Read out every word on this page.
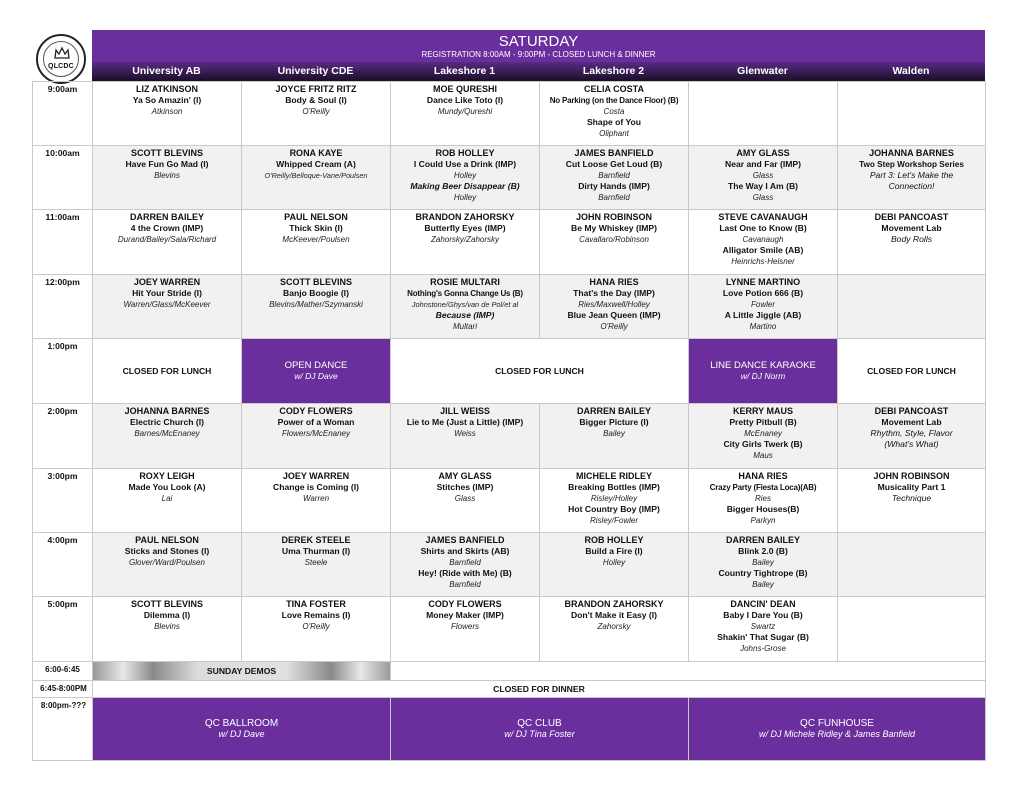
QLCDC
SATURDAY
REGISTRATION 8:00AM - 9:00PM - CLOSED LUNCH & DINNER
University AB	University CDE	Lakeshore 1	Lakeshore 2	Glenwater	Walden
9:00am	LIZ ATKINSON
Ya So Amazin' (I)
Atkinson	JOYCE FRITZ RITZ
Body & Soul (I)
O'Reilly	MOE QURESHI
Dance Like Toto (I)
Mundy/Qureshi	CELIA COSTA
No Parking (on the Dance Floor) (B)
Costa
Shape of You
Oliphant		

10:00am	SCOTT BLEVINS
Have Fun Go Mad (I)
Blevins	RONA KAYE
Whipped Cream (A)
O'Reilly/Belloque-Vane/Poulsen	ROB HOLLEY
I Could Use a Drink (IMP)
Holley
Making Beer Disappear (B)
Holley	JAMES BANFIELD
Cut Loose Get Loud (B)
Barnfield
Dirty Hands (IMP)
Barnfield	AMY GLASS
Near and Far (IMP)
Glass
The Way I Am (B)
Glass	JOHANNA BARNES
Two Step Workshop Series
Part 3: Let's Make the
Connection!

11:00am	DARREN BAILEY
4 the Crown (IMP)
Durand/Bailey/Sala/Richard	PAUL NELSON
Thick Skin (I)
McKeever/Poulsen	BRANDON ZAHORSKY
Butterfly Eyes (IMP)
Zahorsky/Zahorsky	JOHN ROBINSON
Be My Whiskey (IMP)
Cavallaro/Robinson	STEVE CAVANAUGH
Last One to Know (B)
Cavanaugh
Alligator Smile (AB)
Heinrichs-Heisner	DEBI PANCOAST
Movement Lab
Body Rolls

12:00pm	JOEY WARREN
Hit Your Stride (I)
Warren/Glass/McKeever	SCOTT BLEVINS
Banjo Boogie (I)
Blevins/Mather/Szymanski	ROSIE MULTARI
Nothing's Gonna Change Us (B)
Johnstone/Ghys/van de Pol/et al
Because (IMP)
Multari	HANA RIES
That's the Day (IMP)
Ries/Maxwell/Holley
Blue Jean Queen (IMP)
O'Reilly	LYNNE MARTINO
Love Potion 666 (B)
Fowler
A Little Jiggle (AB)
Martino	

1:00pm	CLOSED FOR LUNCH	OPEN DANCE
w/ DJ Dave	CLOSED FOR LUNCH		LINE DANCE KARAOKE
w/ DJ Norm	CLOSED FOR LUNCH

2:00pm	JOHANNA BARNES
Electric Church (I)
Barnes/McEnaney	CODY FLOWERS
Power of a Woman
Flowers/McEnaney	JILL WEISS
Lie to Me (Just a Little) (IMP)
Weiss	DARREN BAILEY
Bigger Picture (I)
Bailey	KERRY MAUS
Pretty Pitbull (B)
McEnaney
City Girls Twerk (B)
Maus	DEBI PANCOAST
Movement Lab
Rhythm, Style, Flavor
(What's What)

3:00pm	ROXY LEIGH
Made You Look (A)
Lai	JOEY WARREN
Change is Coming (I)
Warren	AMY GLASS
Stitches (IMP)
Glass	MICHELE RIDLEY
Breaking Bottles (IMP)
Risley/Holley
Hot Country Boy (IMP)
Risley/Fowler	HANA RIES
Crazy Party (Fiesta Loca)(AB)
Ries
Bigger Houses(B)
Parkyn	JOHN ROBINSON
Musicality Part 1
Technique

4:00pm	PAUL NELSON
Sticks and Stones (I)
Glover/Ward/Poulsen	DEREK STEELE
Uma Thurman (I)
Steele	JAMES BANFIELD
Shirts and Skirts (AB)
Barnfield
Hey! (Ride with Me) (B)
Barnfield	ROB HOLLEY
Build a Fire (I)
Holley	DARREN BAILEY
Blink 2.0 (B)
Bailey
Country Tightrope (B)
Bailey	

5:00pm	SCOTT BLEVINS
Dilemma (I)
Blevins	TINA FOSTER
Love Remains (I)
O'Reilly	CODY FLOWERS
Money Maker (IMP)
Flowers	BRANDON ZAHORSKY
Don't Make it Easy (I)
Zahorsky	DANCIN' DEAN
Baby I Dare You (B)
Swartz
Shakin' That Sugar (B)
Johns-Grose	

6:00-6:45	SUNDAY DEMOS					

6:45-8:00PM	CLOSED FOR DINNER					

8:00pm-???	QC BALLROOM
w/ DJ Dave		QC CLUB
w/ DJ Tina Foster		QC FUNHOUSE
w/ DJ Michele Ridley & James Banfield	
